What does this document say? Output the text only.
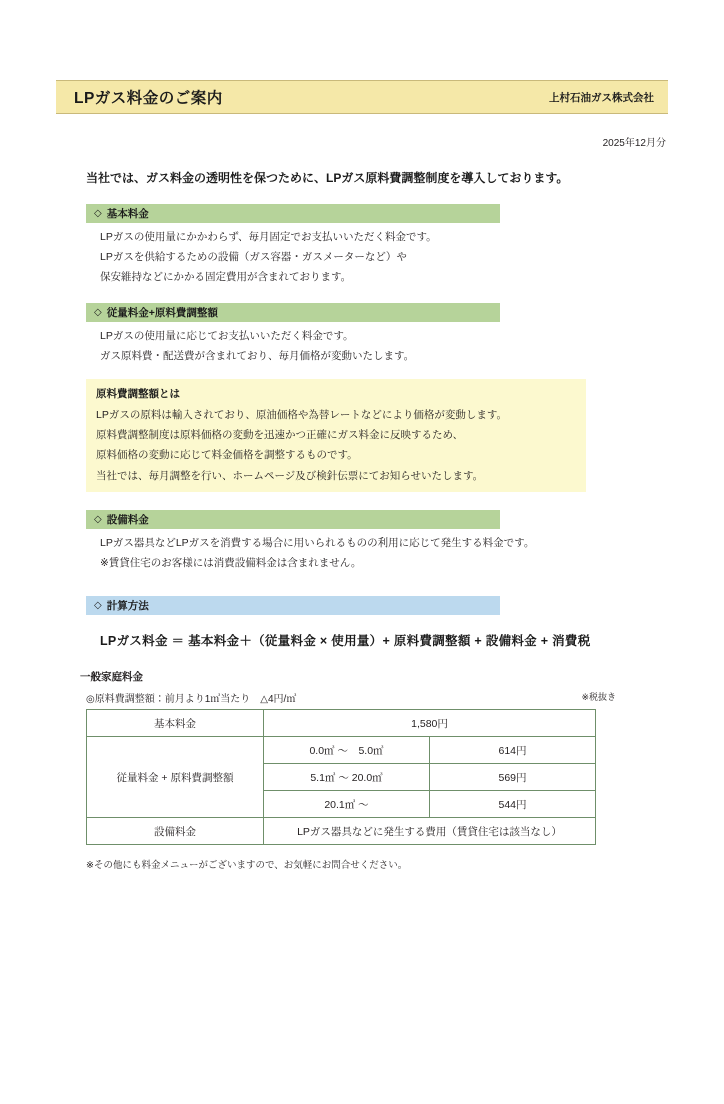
LPガス料金のご案内	上村石油ガス株式会社
2025年12月分
当社では、ガス料金の透明性を保つために、LPガス原料費調整制度を導入しております。
◇ 基本料金

LPガスの使用量にかかわらず、毎月固定でお支払いいただく料金です。

LPガスを供給するための設備（ガス容器・ガスメーターなど）や

保安維持などにかかる固定費用が含まれております。

◇ 従量料金+原料費調整額

LPガスの使用量に応じてお支払いいただく料金です。

ガス原料費・配送費が含まれており、毎月価格が変動いたします。

原料費調整額とは

LPガスの原料は輸入されており、原油価格や為替レートなどにより価格が変動します。

原料費調整制度は原料価格の変動を迅速かつ正確にガス料金に反映するため、

原料価格の変動に応じて料金価格を調整するものです。

当社では、毎月調整を行い、ホームページ及び検針伝票にてお知らせいたします。

◇ 設備料金

LPガス器具などLPガスを消費する場合に用いられるものの利用に応じて発生する料金です。

※賃貸住宅のお客様には消費設備料金は含まれません。

◇ 計算方法
LPガス料金 ＝ 基本料金＋（従量料金 × 使用量）+ 原料費調整額 + 設備料金 + 消費税
一般家庭料金
◎原料費調整額：前月より1㎥当たり　△4円/㎥	※税抜き
基本料金	1,580円	
従量料金 + 原料費調整額	0.0㎥ ～　5.0㎥	614円
	5.1㎥ ～ 20.0㎥	569円
	20.1㎥ ～	544円
設備料金	LPガス器具などに発生する費用（賃貸住宅は該当なし）	
※その他にも料金メニューがございますので、お気軽にお問合せください。
